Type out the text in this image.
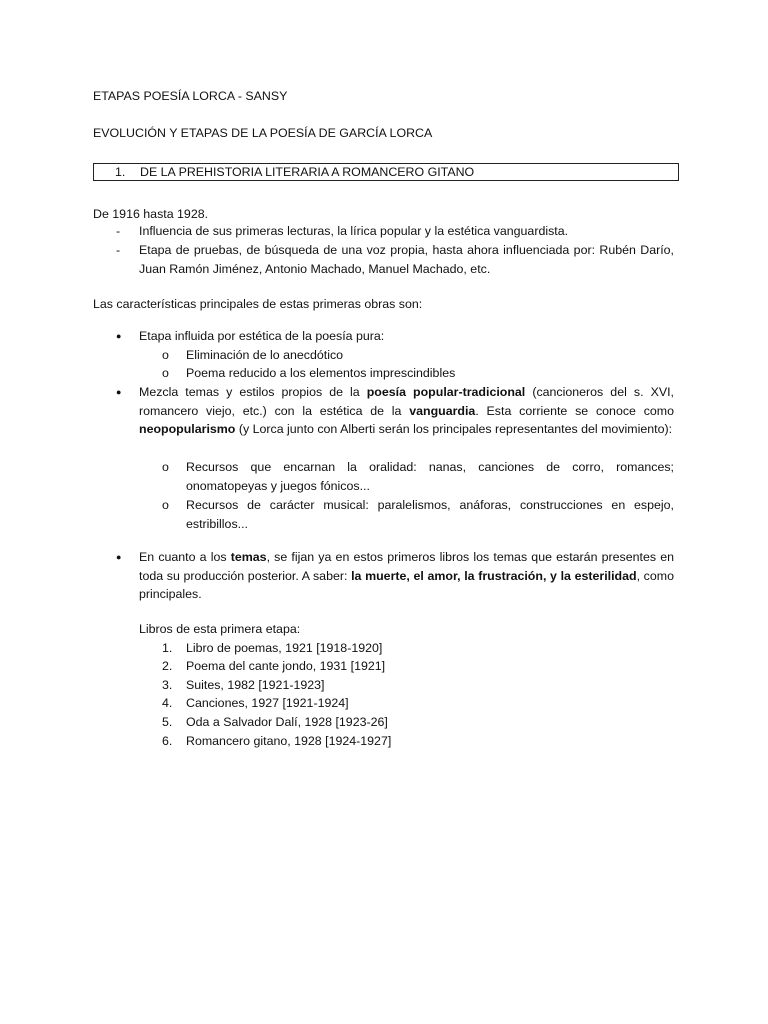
ETAPAS POESÍA LORCA - SANSY
EVOLUCIÓN Y ETAPAS DE LA POESÍA DE GARCÍA LORCA
1. DE LA PREHISTORIA LITERARIA A ROMANCERO GITANO
De 1916 hasta 1928.
- Influencia de sus primeras lecturas, la lírica popular y la estética vanguardista.
- Etapa de pruebas, de búsqueda de una voz propia, hasta ahora influenciada por: Rubén Darío, Juan Ramón Jiménez, Antonio Machado, Manuel Machado, etc.
Las características principales de estas primeras obras son:
● Etapa influida por estética de la poesía pura:
o Eliminación de lo anecdótico
o Poema reducido a los elementos imprescindibles
● Mezcla temas y estilos propios de la poesía popular-tradicional (cancioneros del s. XVI, romancero viejo, etc.) con la estética de la vanguardia. Esta corriente se conoce como neopopularismo (y Lorca junto con Alberti serán los principales representantes del movimiento):
o Recursos que encarnan la oralidad: nanas, canciones de corro, romances; onomatopeyas y juegos fónicos...
o Recursos de carácter musical: paralelismos, anáforas, construcciones en espejo, estribillos...
● En cuanto a los temas, se fijan ya en estos primeros libros los temas que estarán presentes en toda su producción posterior. A saber: la muerte, el amor, la frustración, y la esterilidad, como principales.
Libros de esta primera etapa:
1. Libro de poemas, 1921 [1918-1920]
2. Poema del cante jondo, 1931 [1921]
3. Suites, 1982 [1921-1923]
4. Canciones, 1927 [1921-1924]
5. Oda a Salvador Dalí, 1928 [1923-26]
6. Romancero gitano, 1928 [1924-1927]
